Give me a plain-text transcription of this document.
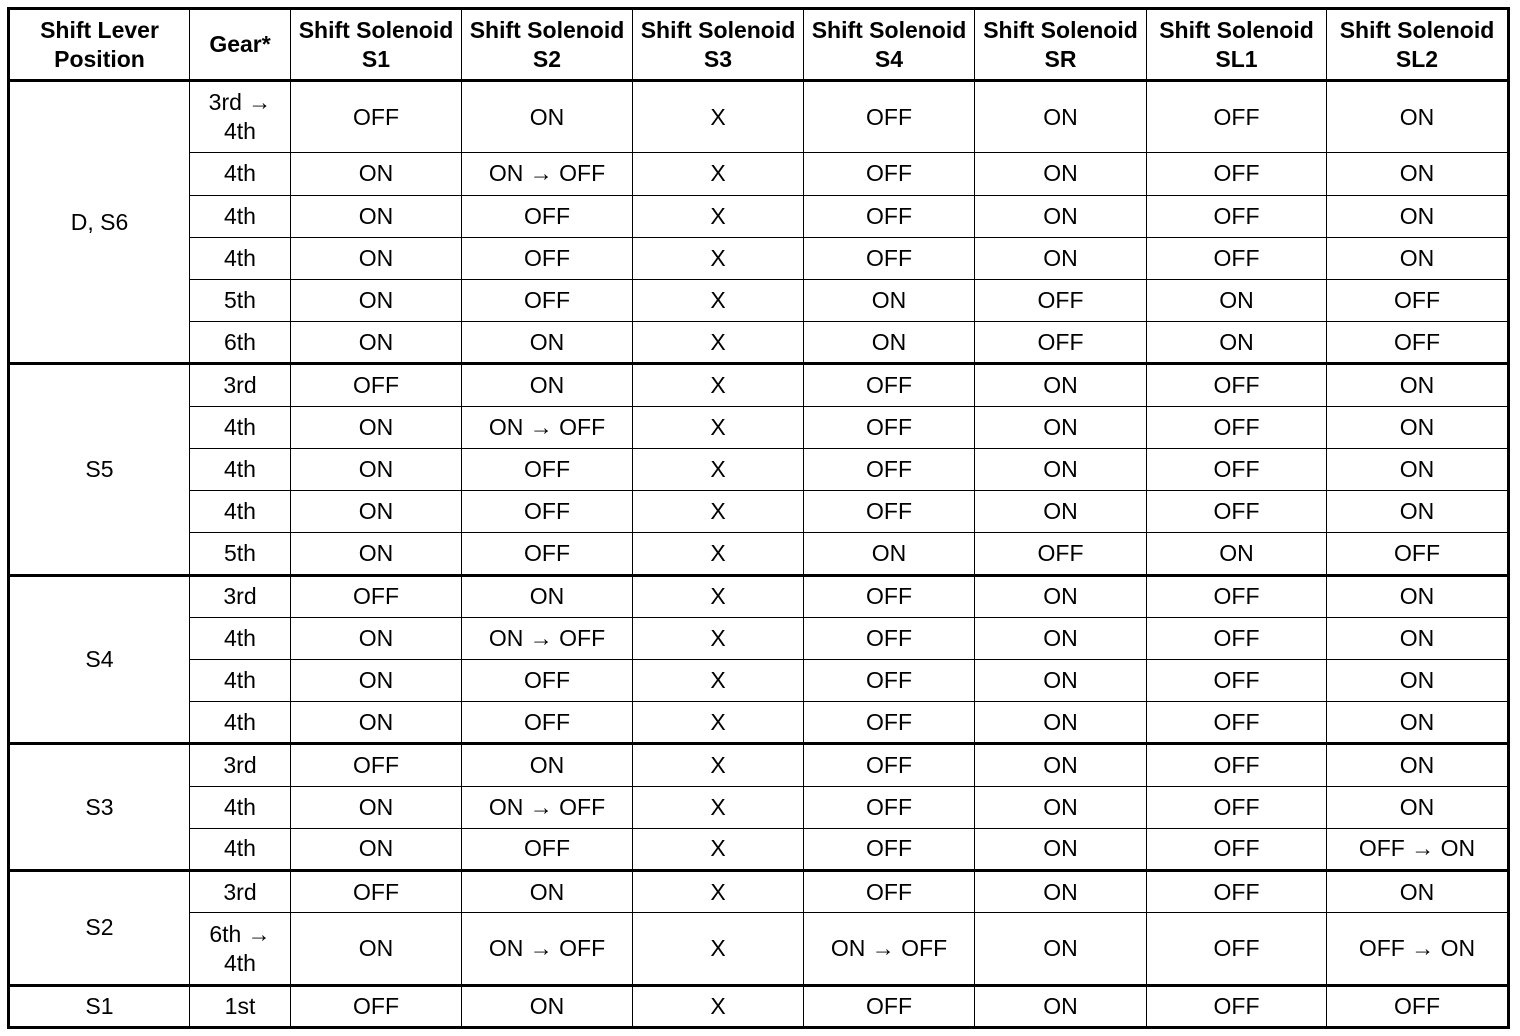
Shift Lever Position	Gear*	Shift Solenoid S1	Shift Solenoid S2	Shift Solenoid S3	Shift Solenoid S4	Shift Solenoid SR	Shift Solenoid SL1	Shift Solenoid SL2
D, S6	3rd → 4th	OFF	ON	X	OFF	ON	OFF	ON
	4th	ON	ON → OFF	X	OFF	ON	OFF	ON
	4th	ON	OFF	X	OFF	ON	OFF	ON
	4th	ON	OFF	X	OFF	ON	OFF	ON
	5th	ON	OFF	X	ON	OFF	ON	OFF
	6th	ON	ON	X	ON	OFF	ON	OFF
S5	3rd	OFF	ON	X	OFF	ON	OFF	ON
	4th	ON	ON → OFF	X	OFF	ON	OFF	ON
	4th	ON	OFF	X	OFF	ON	OFF	ON
	4th	ON	OFF	X	OFF	ON	OFF	ON
	5th	ON	OFF	X	ON	OFF	ON	OFF
S4	3rd	OFF	ON	X	OFF	ON	OFF	ON
	4th	ON	ON → OFF	X	OFF	ON	OFF	ON
	4th	ON	OFF	X	OFF	ON	OFF	ON
	4th	ON	OFF	X	OFF	ON	OFF	ON
S3	3rd	OFF	ON	X	OFF	ON	OFF	ON
	4th	ON	ON → OFF	X	OFF	ON	OFF	ON
	4th	ON	OFF	X	OFF	ON	OFF	OFF → ON
S2	3rd	OFF	ON	X	OFF	ON	OFF	ON
	6th → 4th	ON	ON → OFF	X	ON → OFF	ON	OFF	OFF → ON
S1	1st	OFF	ON	X	OFF	ON	OFF	OFF
